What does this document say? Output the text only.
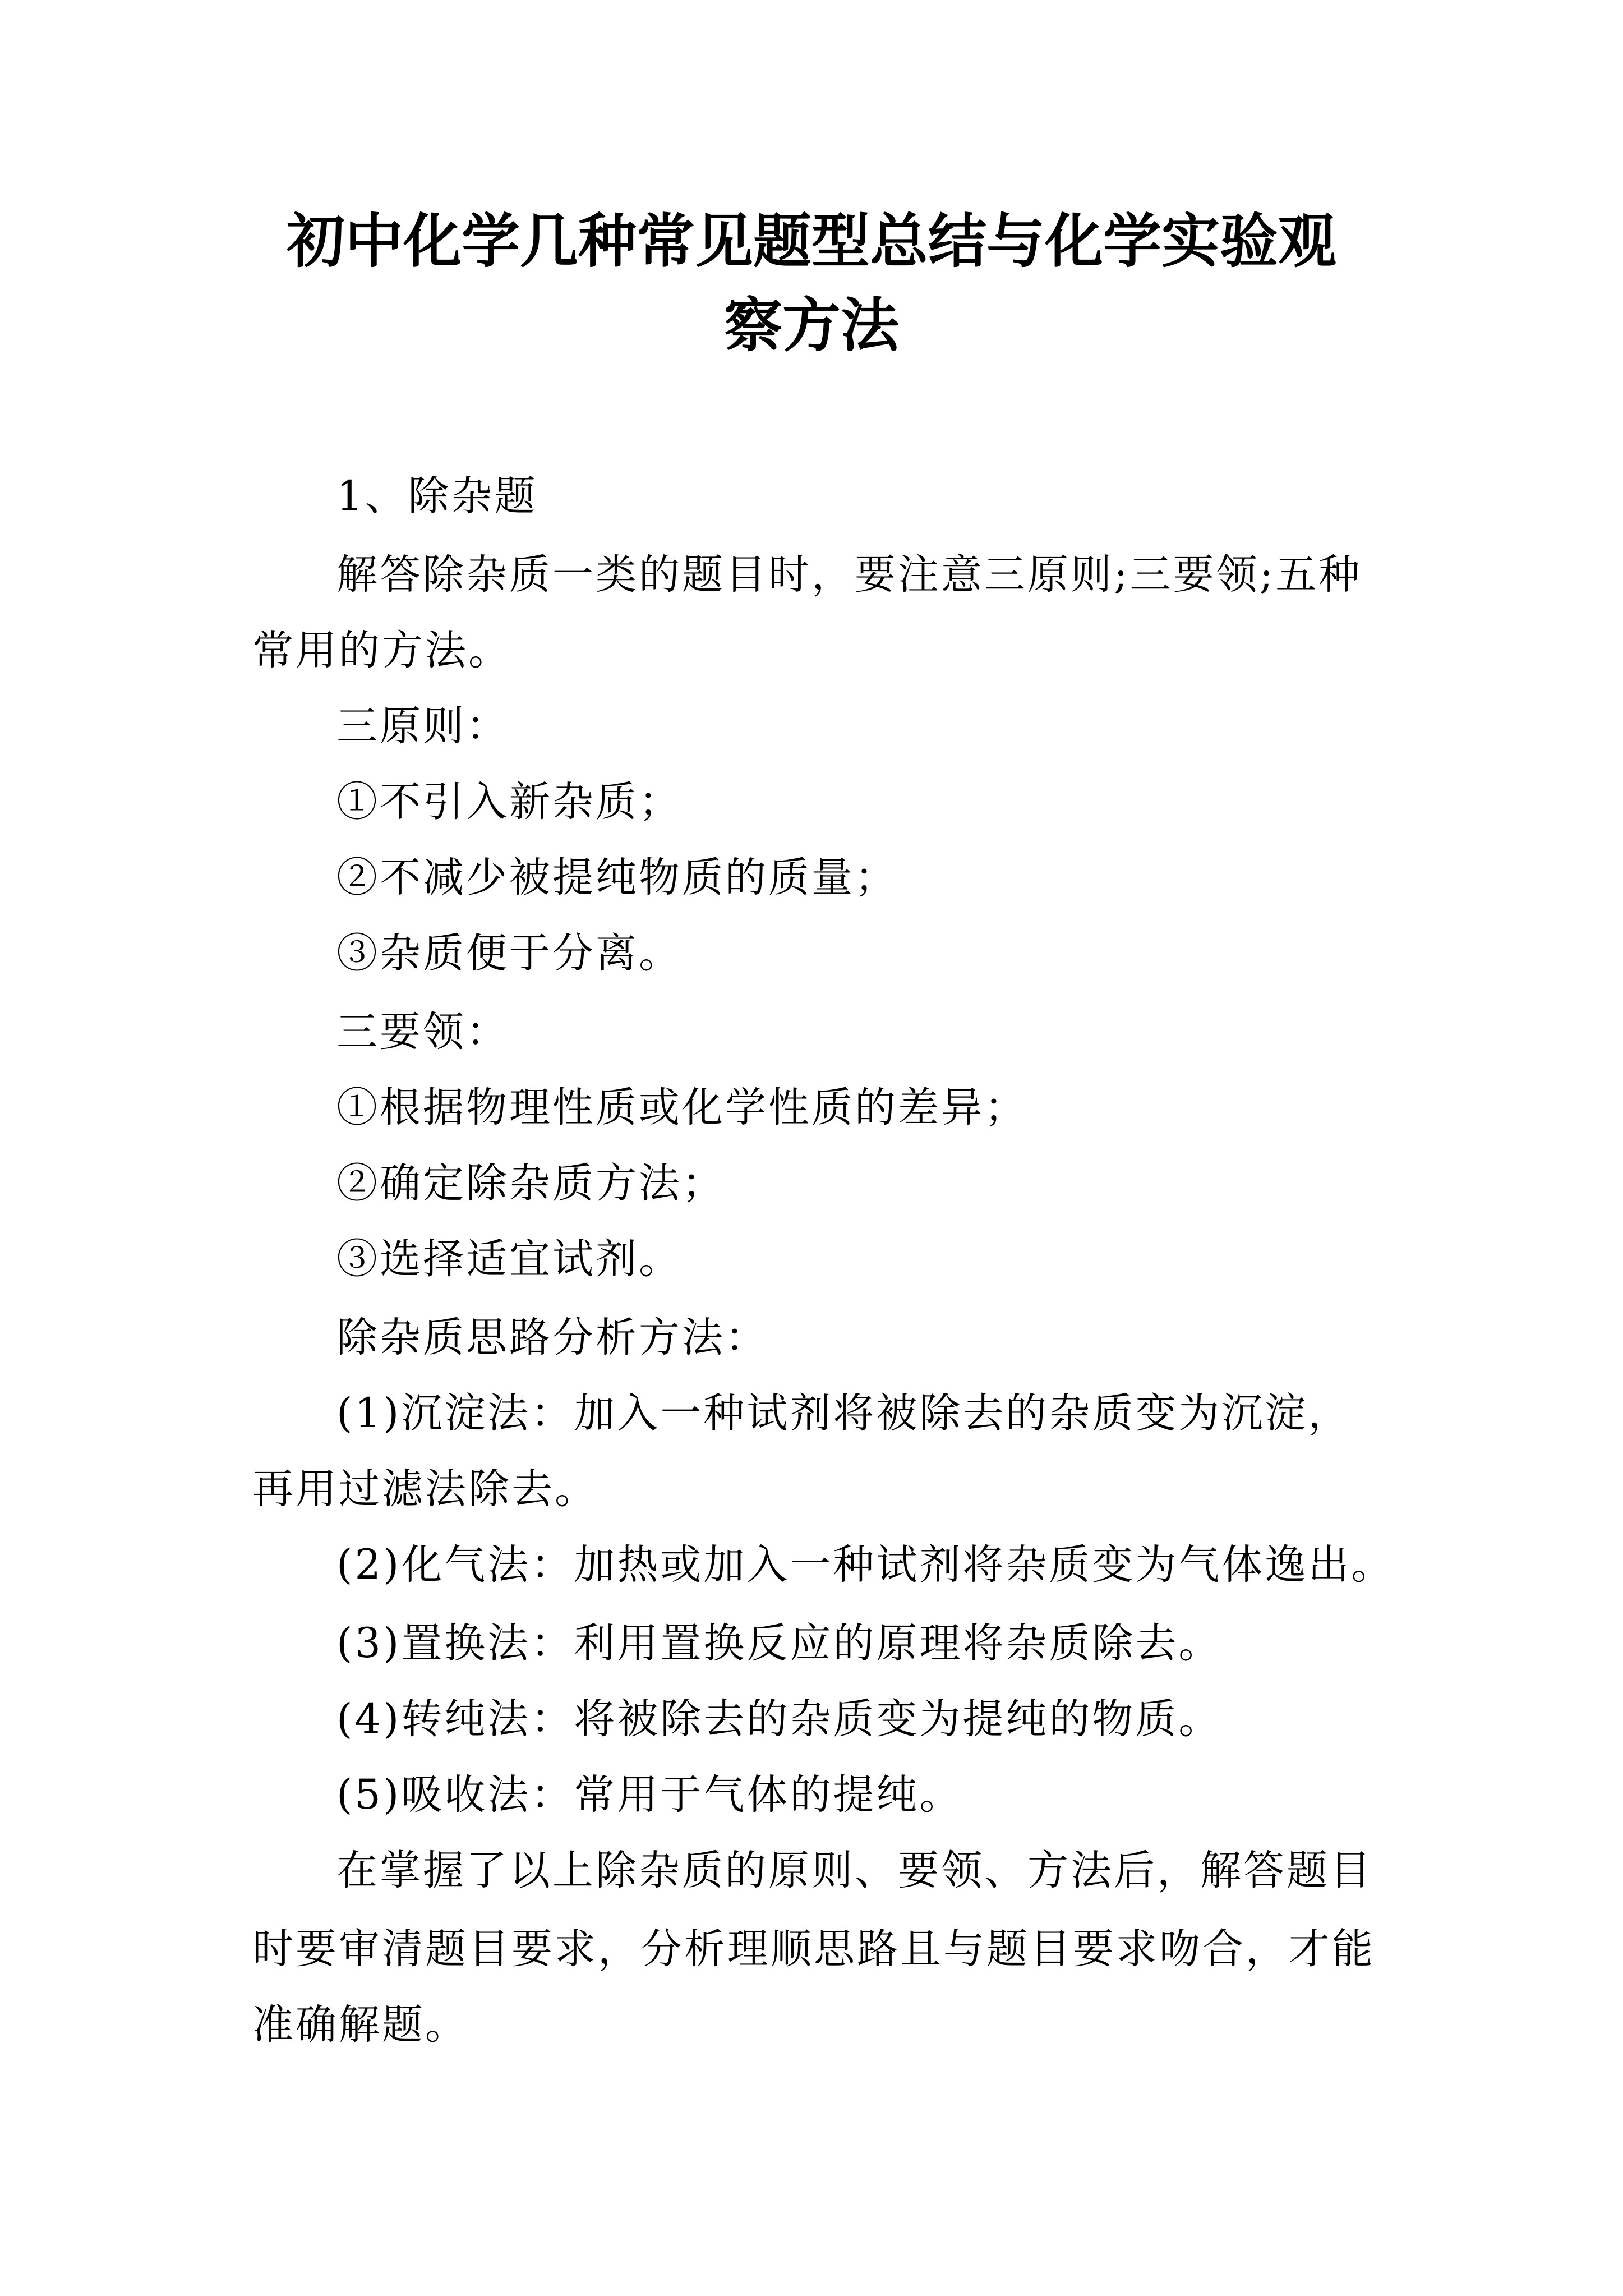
初中化学几种常见题型总结与化学实验观
察方法
1、除杂题
解答除杂质一类的题目时，要注意三原则;三要领;五种
常用的方法。
三原则：
①不引入新杂质；
②不减少被提纯物质的质量；
③杂质便于分离。
三要领：
①根据物理性质或化学性质的差异；
②确定除杂质方法；
③选择适宜试剂。
除杂质思路分析方法：
(1)沉淀法：加入一种试剂将被除去的杂质变为沉淀，
再用过滤法除去。
(2)化气法：加热或加入一种试剂将杂质变为气体逸出。
(3)置换法：利用置换反应的原理将杂质除去。
(4)转纯法：将被除去的杂质变为提纯的物质。
(5)吸收法：常用于气体的提纯。
在掌握了以上除杂质的原则、要领、方法后，解答题目
时要审清题目要求，分析理顺思路且与题目要求吻合，才能
准确解题。
